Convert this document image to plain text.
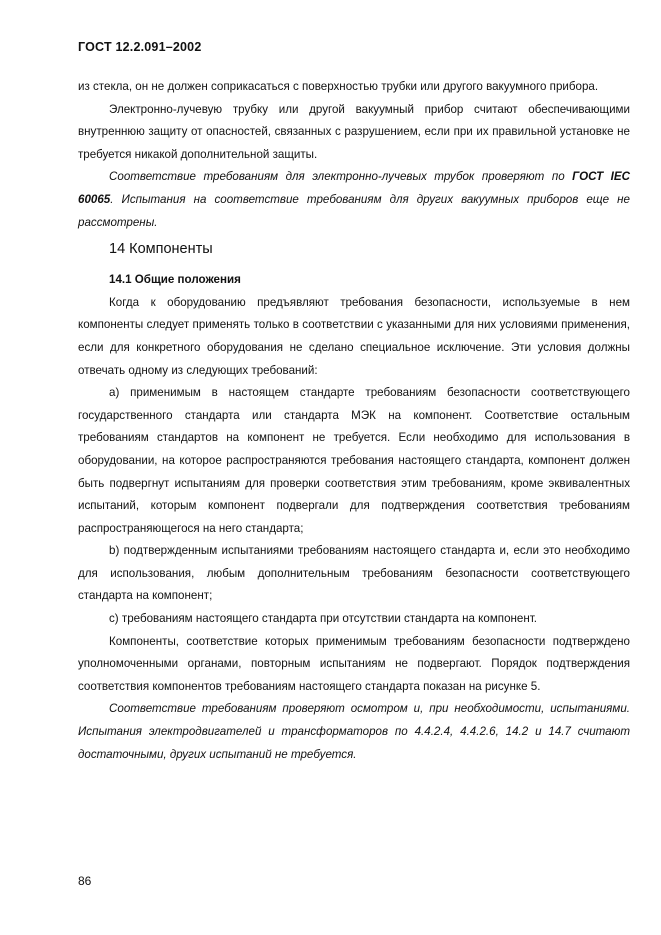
ГОСТ 12.2.091–2002

из стекла, он не должен соприкасаться с поверхностью трубки или другого вакуумного прибора.

Электронно-лучевую трубку или другой вакуумный прибор считают обеспечивающими внутреннюю защиту от опасностей, связанных с разрушением, если при их правильной установке не требуется никакой дополнительной защиты.

Соответствие требованиям для электронно-лучевых трубок проверяют по ГОСТ IEC 60065. Испытания на соответствие требованиям для других вакуумных приборов еще не рассмотрены.

14 Компоненты
14.1 Общие положения

Когда к оборудованию предъявляют требования безопасности, используемые в нем компоненты следует применять только в соответствии с указанными для них условиями применения, если для конкретного оборудования не сделано специальное исключение. Эти условия должны отвечать одному из следующих требований:

а) применимым в настоящем стандарте требованиям безопасности соответствующего государственного стандарта или стандарта МЭК на компонент. Соответствие остальным требованиям стандартов на компонент не требуется. Если необходимо для использования в оборудовании, на которое распространяются требования настоящего стандарта, компонент должен быть подвергнут испытаниям для проверки соответствия этим требованиям, кроме эквивалентных испытаний, которым компонент подвергали для подтверждения соответствия требованиям распространяющегося на него стандарта;

b) подтвержденным испытаниями требованиям настоящего стандарта и, если это необходимо для использования, любым дополнительным требованиям безопасности соответствующего стандарта на компонент;

c) требованиям настоящего стандарта при отсутствии стандарта на компонент.

Компоненты, соответствие которых применимым требованиям безопасности подтверждено уполномоченными органами, повторным испытаниям не подвергают. Порядок подтверждения соответствия компонентов требованиям настоящего стандарта показан на рисунке 5.

Соответствие требованиям проверяют осмотром и, при необходимости, испытаниями. Испытания электродвигателей и трансформаторов по 4.4.2.4, 4.4.2.6, 14.2 и 14.7 считают достаточными, других испытаний не требуется.

86
